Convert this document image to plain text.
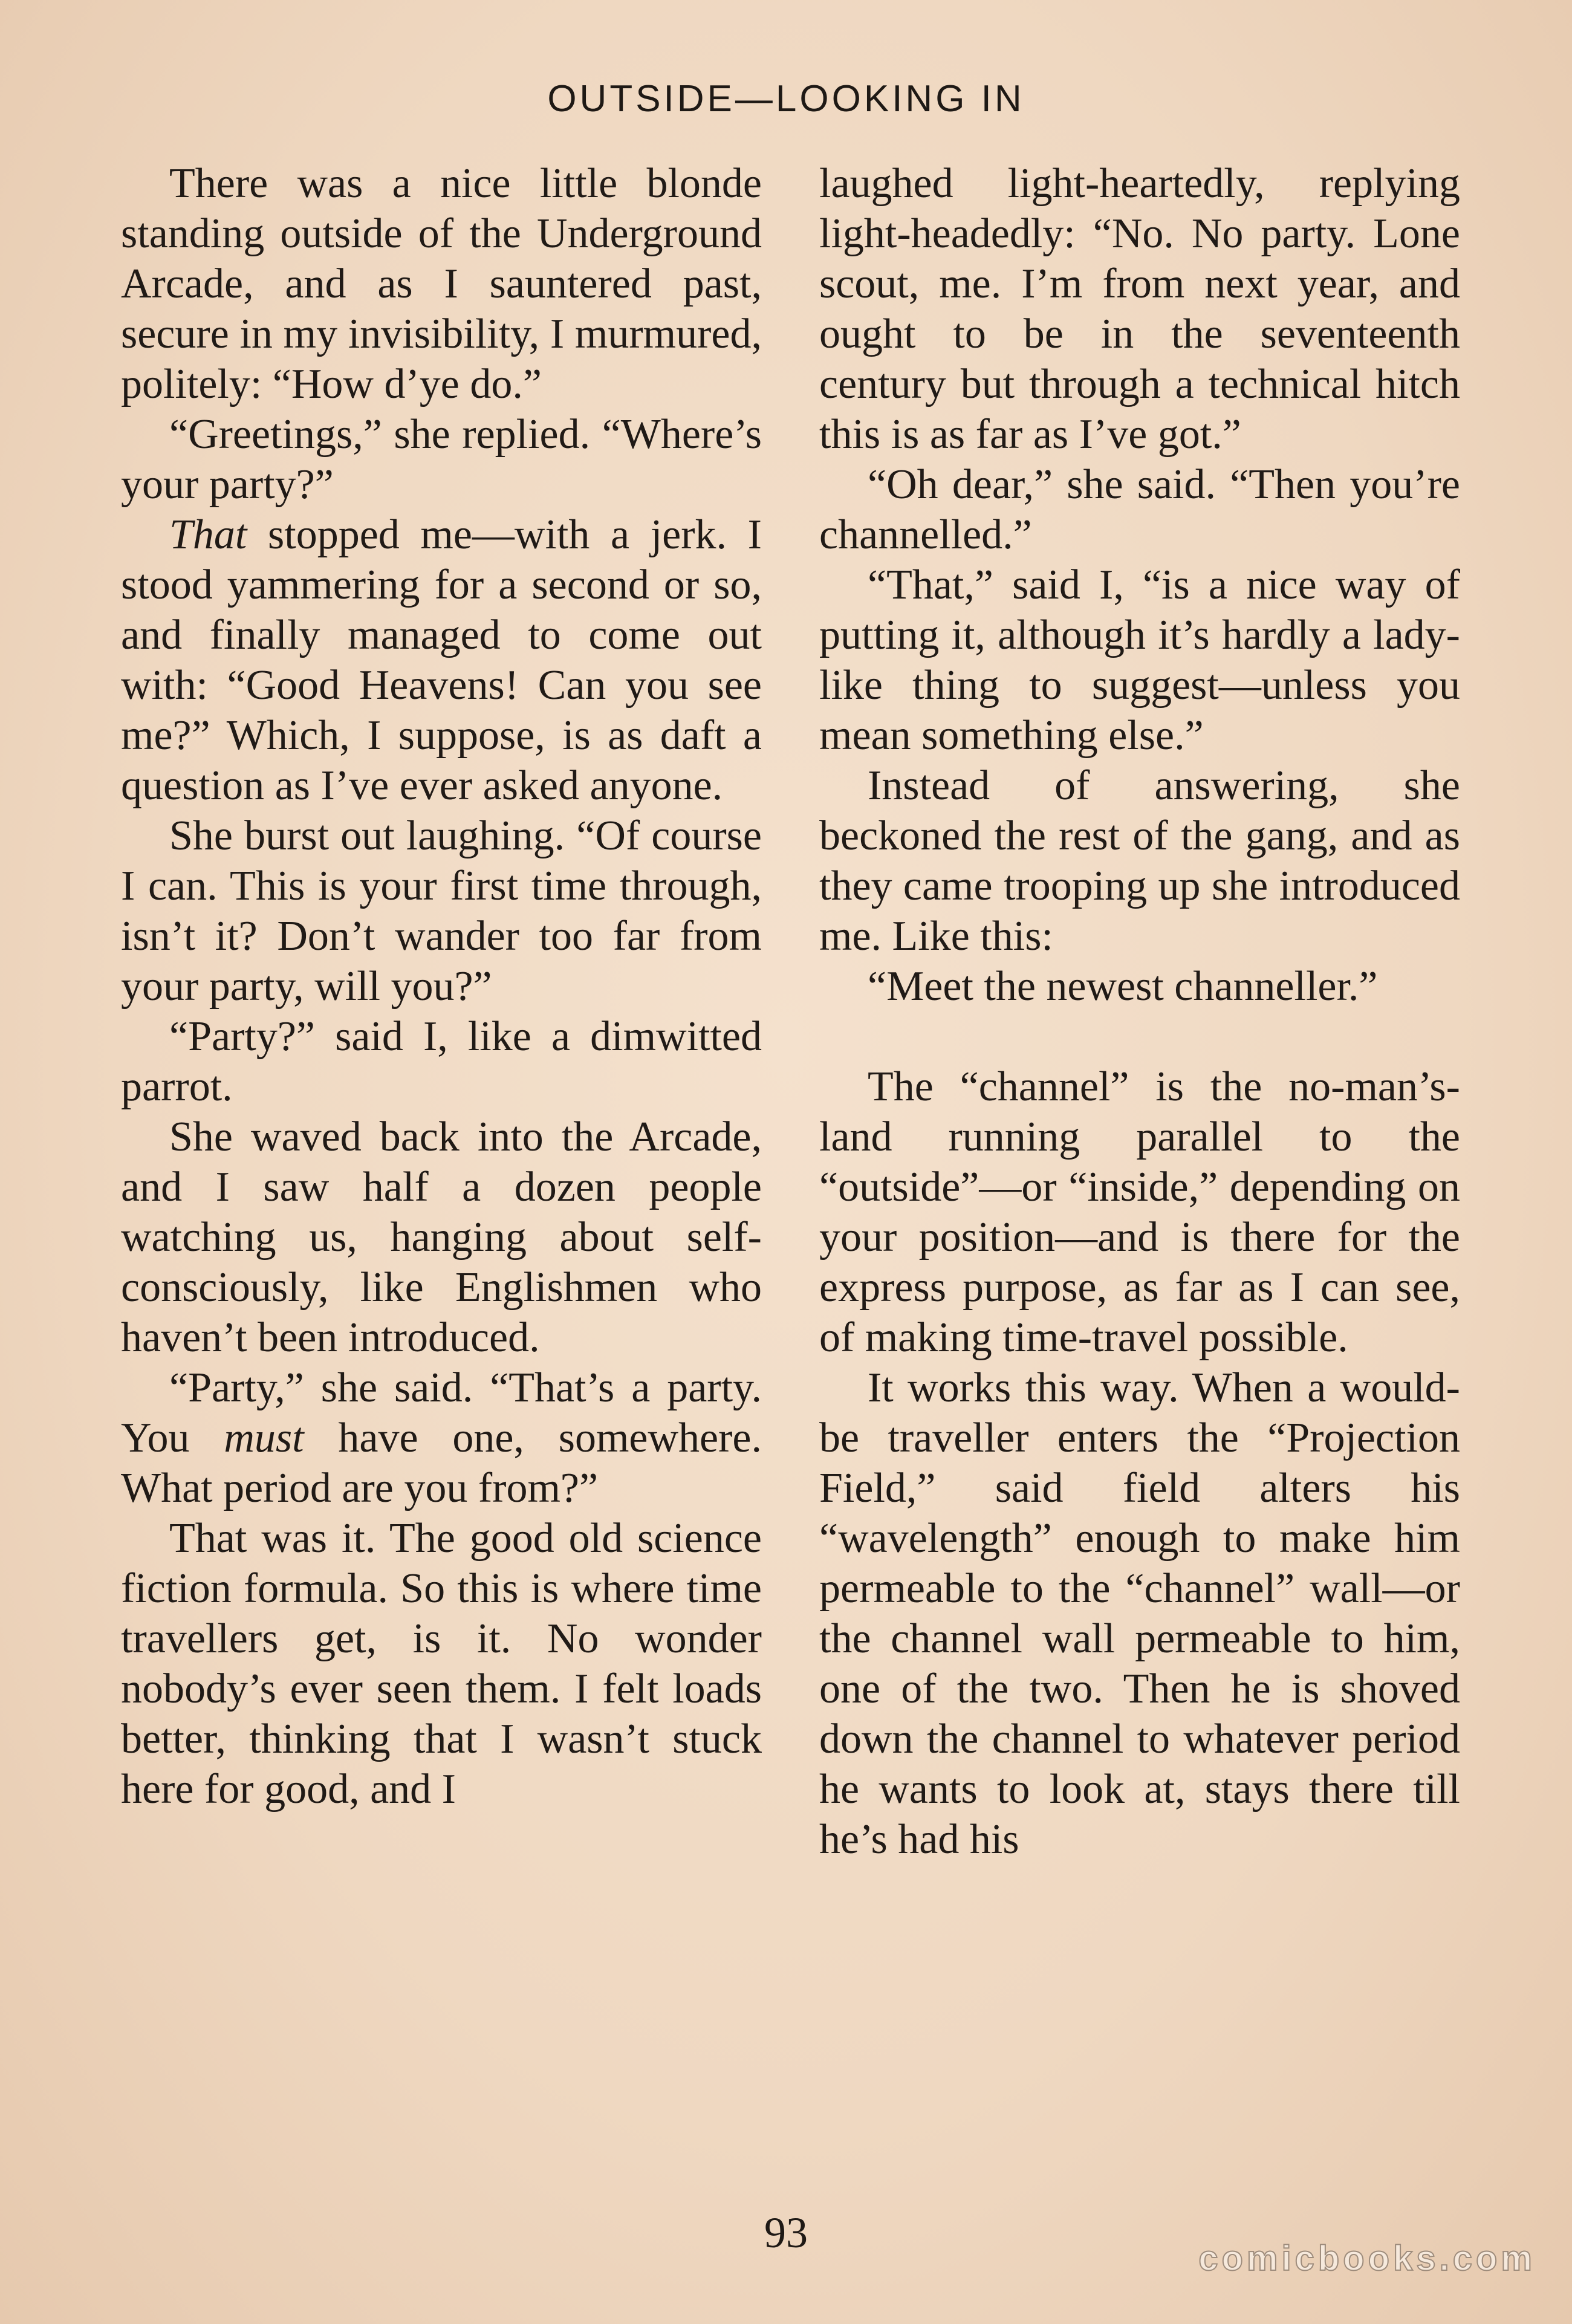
OUTSIDE—LOOKING IN

There was a nice little blonde standing outside of the Underground Arcade, and as I sauntered past, secure in my invisibility, I murmured, politely: “How d’ye do.”

“Greetings,” she replied. “Where’s your party?”

That stopped me—with a jerk. I stood yammering for a second or so, and finally managed to come out with: “Good Heavens! Can you see me?” Which, I suppose, is as daft a question as I’ve ever asked anyone.

She burst out laughing. “Of course I can. This is your first time through, isn’t it? Don’t wander too far from your party, will you?”

“Party?” said I, like a dimwitted parrot.

She waved back into the Arcade, and I saw half a dozen people watching us, hanging about self-consciously, like Englishmen who haven’t been introduced.

“Party,” she said. “That’s a party. You must have one, somewhere. What period are you from?”

That was it. The good old science fiction formula. So this is where time travellers get, is it. No wonder nobody’s ever seen them. I felt loads better, thinking that I wasn’t stuck here for good, and I

laughed light-heartedly, replying light-headedly: “No. No party. Lone scout, me. I’m from next year, and ought to be in the seventeenth century but through a technical hitch this is as far as I’ve got.”

“Oh dear,” she said. “Then you’re channelled.”

“That,” said I, “is a nice way of putting it, although it’s hardly a lady-like thing to suggest—unless you mean something else.”

Instead of answering, she beckoned the rest of the gang, and as they came trooping up she introduced me. Like this:

“Meet the newest channeller.”

The “channel” is the no-man’s-land running parallel to the “outside”—or “inside,” depending on your position—and is there for the express purpose, as far as I can see, of making time-travel possible.

It works this way. When a would-be traveller enters the “Projection Field,” said field alters his “wavelength” enough to make him permeable to the “channel” wall—or the channel wall permeable to him, one of the two. Then he is shoved down the channel to whatever period he wants to look at, stays there till he’s had his

93
comicbooks.com
